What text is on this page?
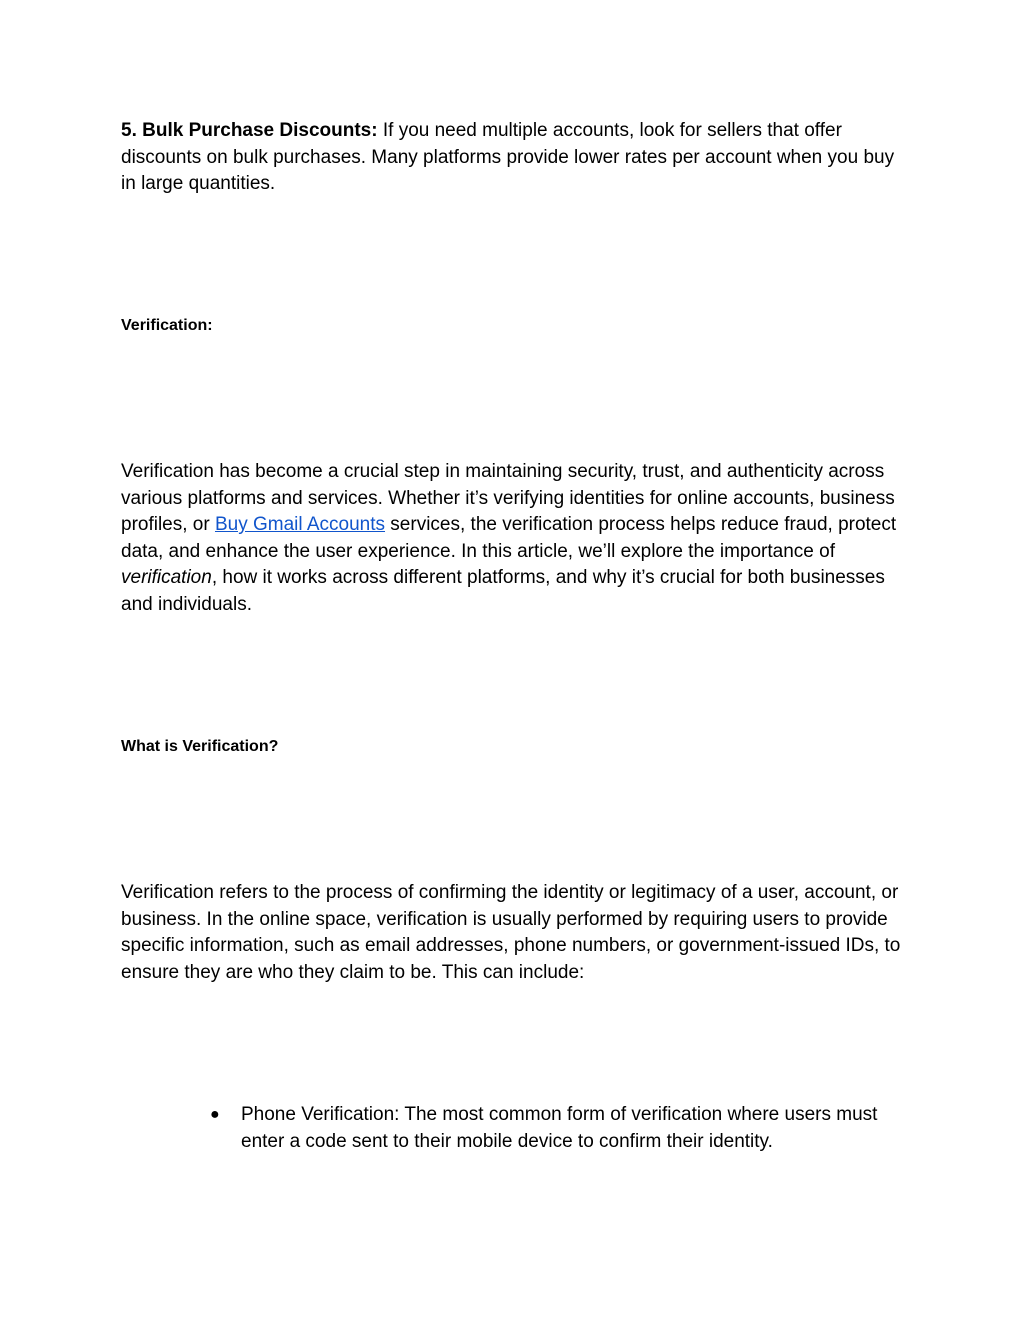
5. Bulk Purchase Discounts: If you need multiple accounts, look for sellers that offer discounts on bulk purchases. Many platforms provide lower rates per account when you buy in large quantities.

Verification:

Verification has become a crucial step in maintaining security, trust, and authenticity across various platforms and services. Whether it’s verifying identities for online accounts, business profiles, or Buy Gmail Accounts services, the verification process helps reduce fraud, protect data, and enhance the user experience. In this article, we’ll explore the importance of verification, how it works across different platforms, and why it’s crucial for both businesses and individuals.

What is Verification?

Verification refers to the process of confirming the identity or legitimacy of a user, account, or business. In the online space, verification is usually performed by requiring users to provide specific information, such as email addresses, phone numbers, or government-issued IDs, to ensure they are who they claim to be. This can include:

●	Phone Verification: The most common form of verification where users must enter a code sent to their mobile device to confirm their identity.
